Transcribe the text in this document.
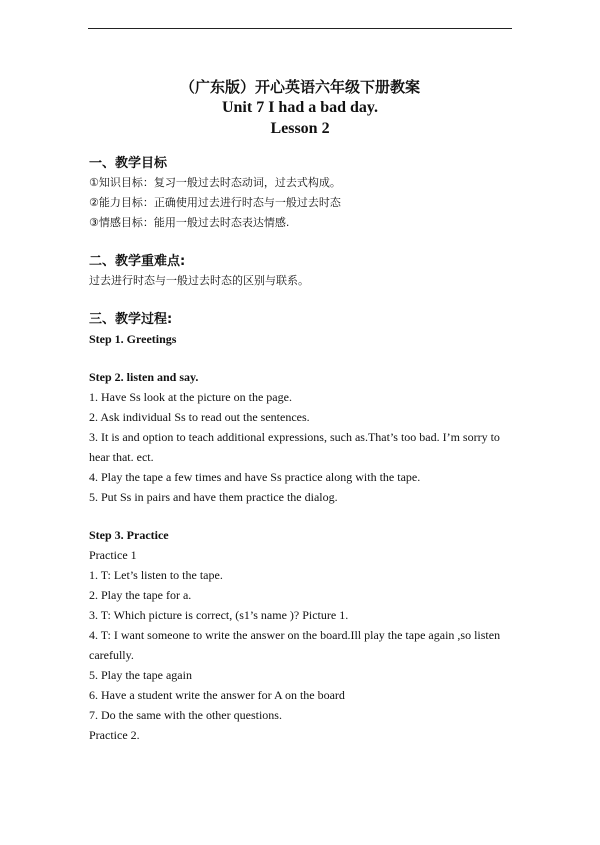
（广东版）开心英语六年级下册教案
Unit 7 I had a bad day.
Lesson 2
一、教学目标
①知识目标：复习一般过去时态动词，过去式构成。
②能力目标：正确使用过去进行时态与一般过去时态
③情感目标：能用一般过去时态表达情感.
二、教学重难点:
过去进行时态与一般过去时态的区别与联系。
三、教学过程:
Step 1. Greetings
Step 2. listen and say.
1. Have Ss look at the picture on the page.
2. Ask individual Ss to read out the sentences.
3. It is and option to teach additional expressions, such as.That’s too bad. I’m sorry to hear that. ect.
4. Play the tape a few times and have Ss practice along with the tape.
5. Put Ss in pairs and have them practice the dialog.
Step 3. Practice
Practice 1
1. T: Let’s listen to the tape.
2. Play the tape for a.
3. T: Which picture is correct, (s1’s name )? Picture 1.
4. T: I want someone to write the answer on the board.Ill play the tape again ,so listen carefully.
5. Play the tape again
6. Have a student write the answer for A on the board
7. Do the same with the other questions.
Practice 2.
